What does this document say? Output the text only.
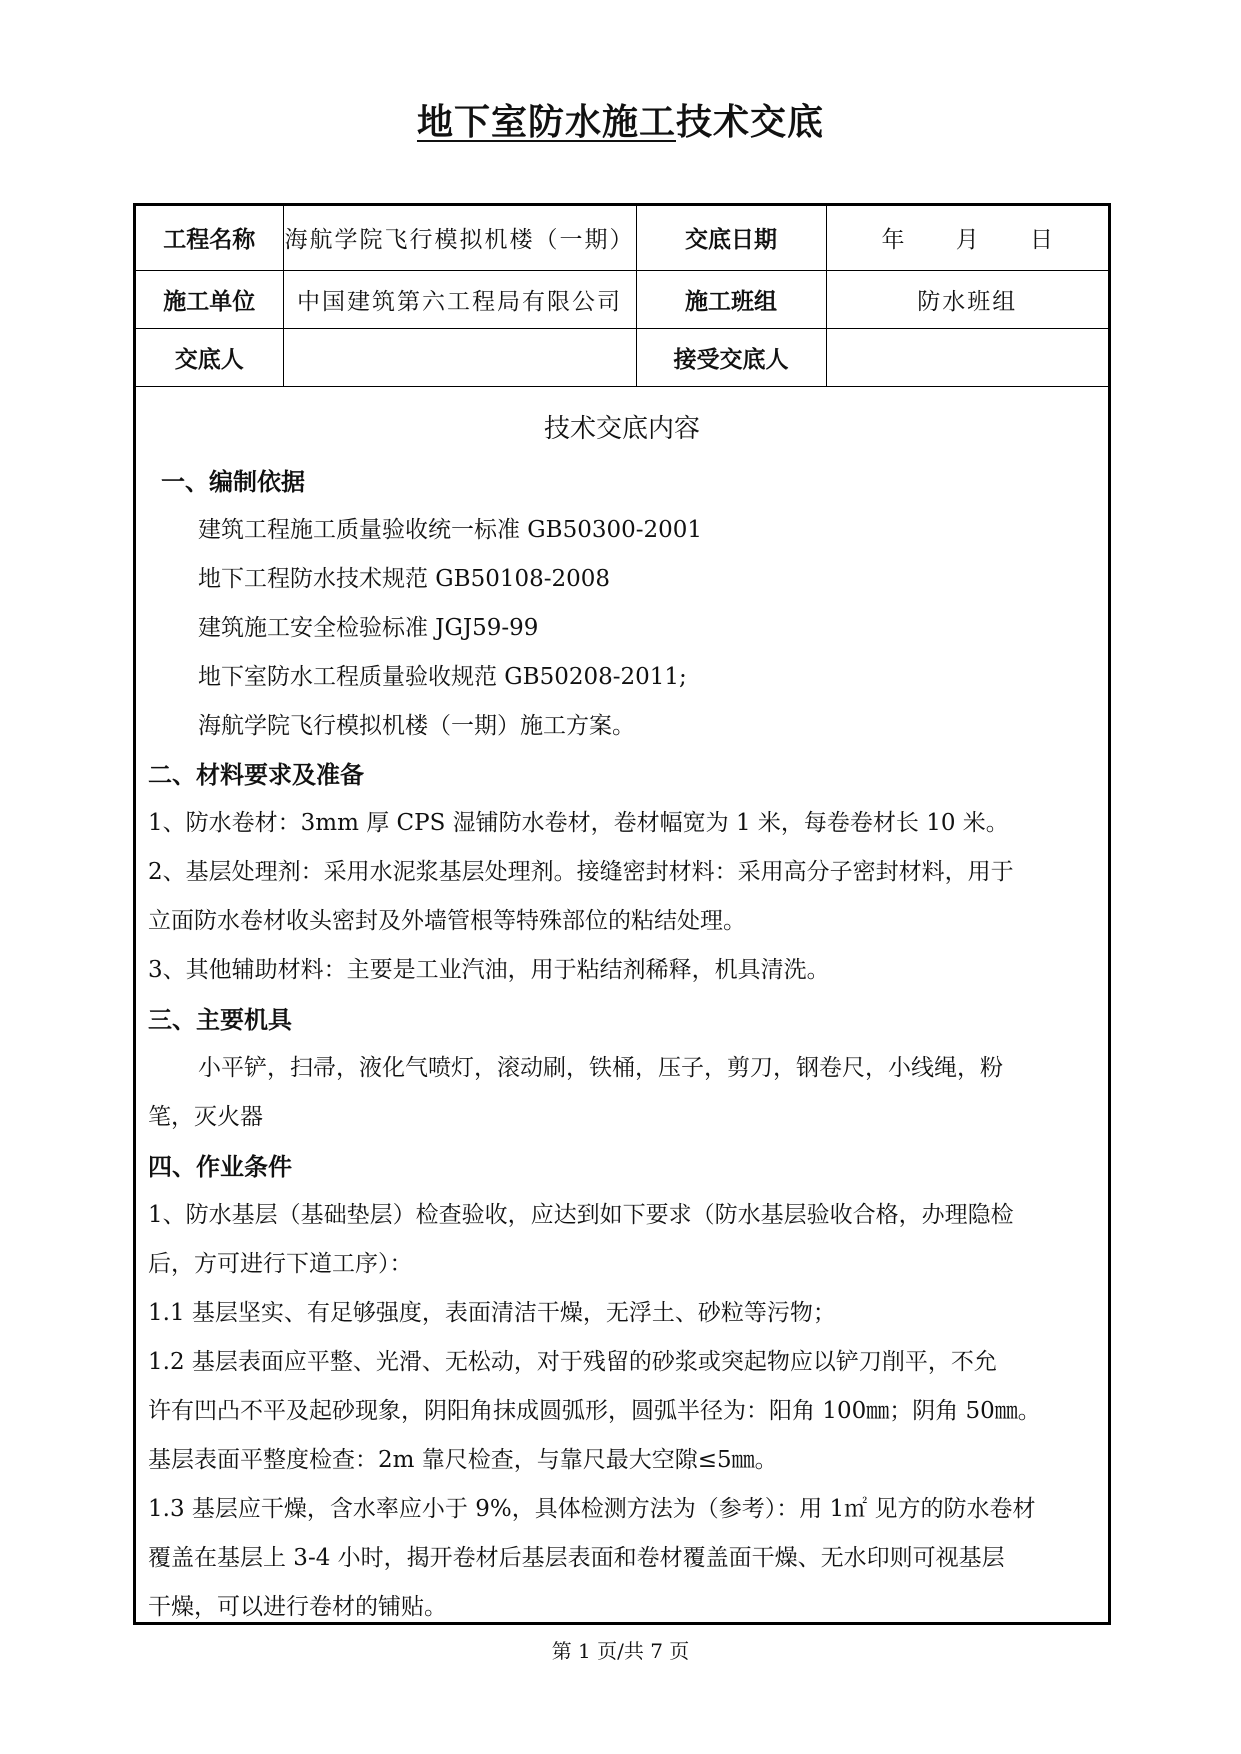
地下室防水施工技术交底
工程名称	海航学院飞行模拟机楼（一期）	交底日期	年 月 日
施工单位	中国建筑第六工程局有限公司	施工班组	防水班组
交底人		接受交底人	
技术交底内容
一、编制依据
建筑工程施工质量验收统一标准 GB50300-2001
地下工程防水技术规范 GB50108-2008
建筑施工安全检验标准 JGJ59-99
地下室防水工程质量验收规范 GB50208-2011;
海航学院飞行模拟机楼（一期）施工方案。
二、材料要求及准备
1、防水卷材：3mm 厚 CPS 湿铺防水卷材，卷材幅宽为 1 米，每卷卷材长 10 米。
2、基层处理剂：采用水泥浆基层处理剂。接缝密封材料：采用高分子密封材料，用于
立面防水卷材收头密封及外墙管根等特殊部位的粘结处理。
3、其他辅助材料：主要是工业汽油，用于粘结剂稀释，机具清洗。
三、主要机具
小平铲，扫帚，液化气喷灯，滚动刷，铁桶，压子，剪刀，钢卷尺，小线绳，粉
笔，灭火器
四、作业条件
1、防水基层（基础垫层）检查验收，应达到如下要求（防水基层验收合格，办理隐检
后，方可进行下道工序）：
1.1 基层坚实、有足够强度，表面清洁干燥，无浮土、砂粒等污物；
1.2 基层表面应平整、光滑、无松动，对于残留的砂浆或突起物应以铲刀削平，不允
许有凹凸不平及起砂现象，阴阳角抹成圆弧形，圆弧半径为：阳角 100㎜；阴角 50㎜。
基层表面平整度检查：2m 靠尺检查，与靠尺最大空隙≤5㎜。
1.3 基层应干燥，含水率应小于 9%，具体检测方法为（参考）：用 1㎡ 见方的防水卷材
覆盖在基层上 3-4 小时，揭开卷材后基层表面和卷材覆盖面干燥、无水印则可视基层
干燥，可以进行卷材的铺贴。
第 1 页/共 7 页
